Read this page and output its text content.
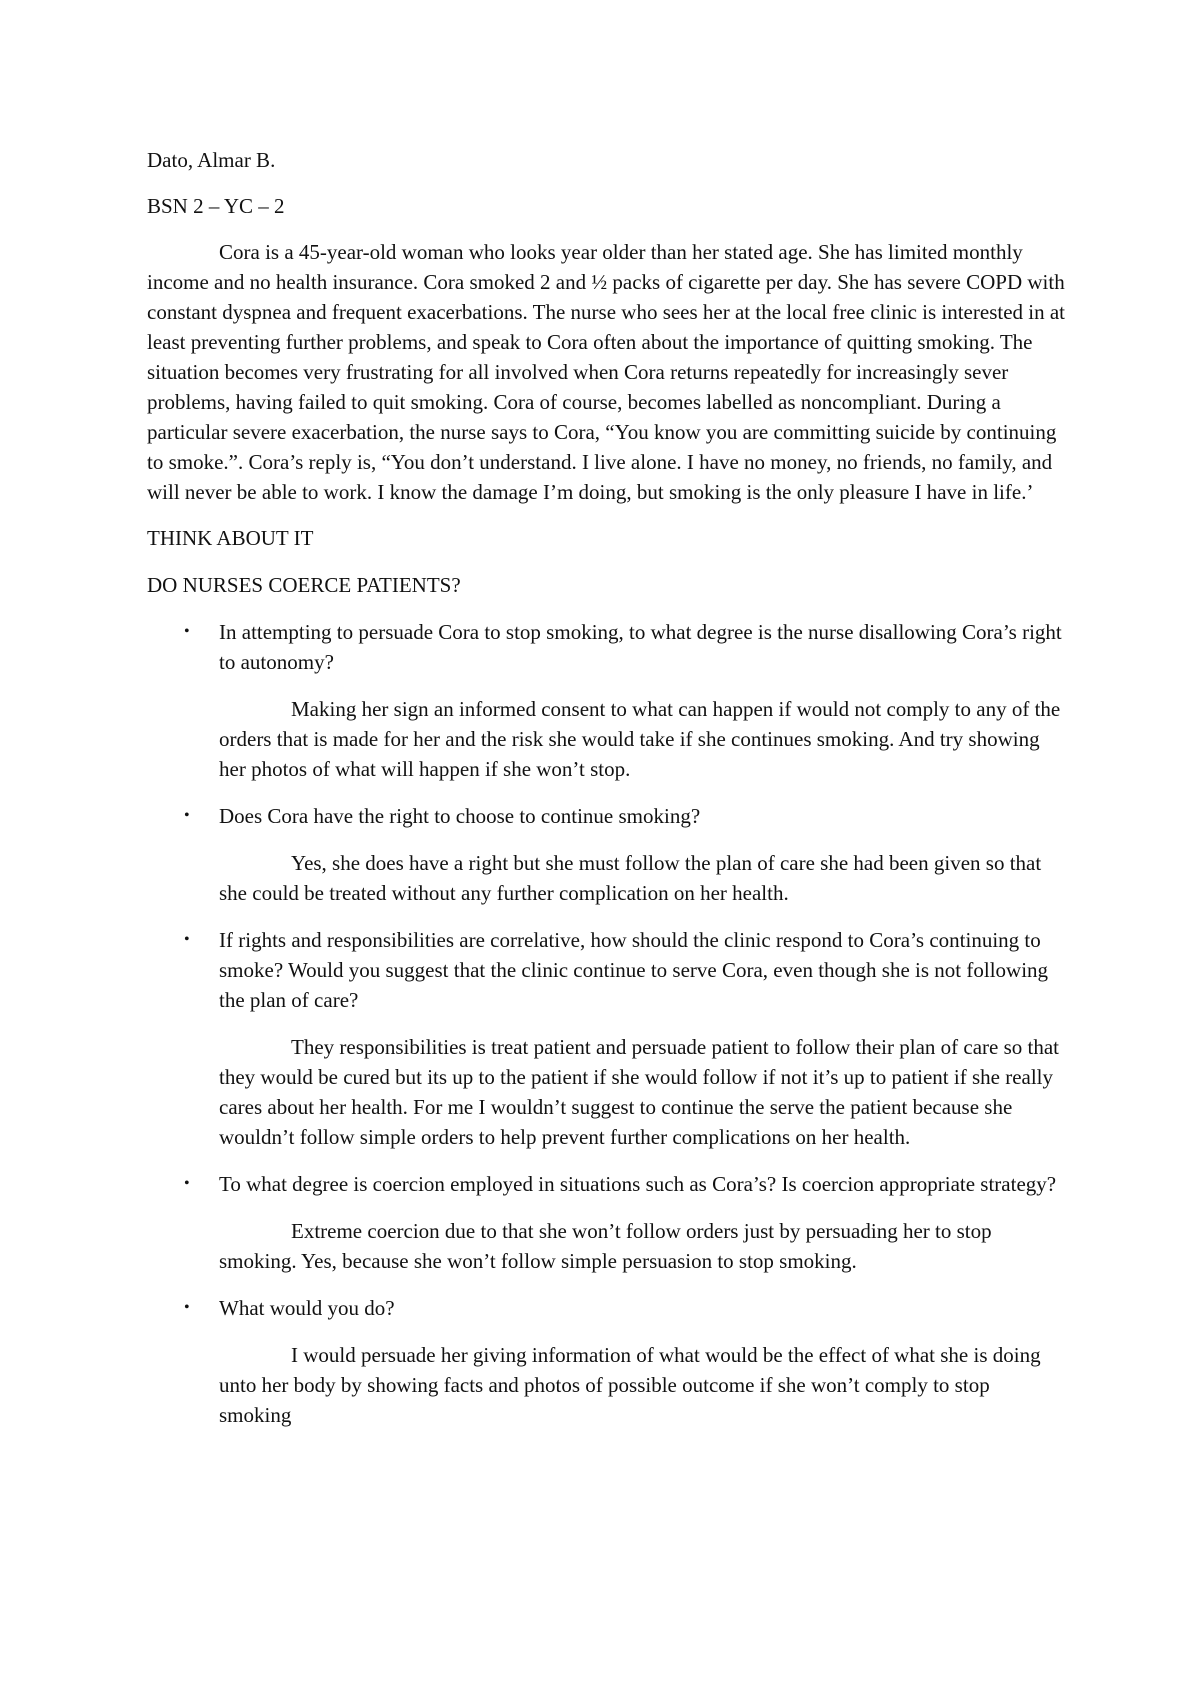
Dato, Almar B.

BSN 2 – YC – 2

Cora is a 45-year-old woman who looks year older than her stated age. She has limited monthly income and no health insurance. Cora smoked 2 and ½ packs of cigarette per day. She has severe COPD with constant dyspnea and frequent exacerbations. The nurse who sees her at the local free clinic is interested in at least preventing further problems, and speak to Cora often about the importance of quitting smoking. The situation becomes very frustrating for all involved when Cora returns repeatedly for increasingly sever problems, having failed to quit smoking. Cora of course, becomes labelled as noncompliant. During a particular severe exacerbation, the nurse says to Cora, “You know you are committing suicide by continuing to smoke.”. Cora’s reply is, “You don’t understand. I live alone. I have no money, no friends, no family, and will never be able to work. I know the damage I’m doing, but smoking is the only pleasure I have in life.’

THINK ABOUT IT

DO NURSES COERCE PATIENTS?

• In attempting to persuade Cora to stop smoking, to what degree is the nurse disallowing Cora’s right to autonomy?

Making her sign an informed consent to what can happen if would not comply to any of the orders that is made for her and the risk she would take if she continues smoking. And try showing her photos of what will happen if she won’t stop.

• Does Cora have the right to choose to continue smoking?

Yes, she does have a right but she must follow the plan of care she had been given so that she could be treated without any further complication on her health.

• If rights and responsibilities are correlative, how should the clinic respond to Cora’s continuing to smoke? Would you suggest that the clinic continue to serve Cora, even though she is not following the plan of care?

They responsibilities is treat patient and persuade patient to follow their plan of care so that they would be cured but its up to the patient if she would follow if not it’s up to patient if she really cares about her health. For me I wouldn’t suggest to continue the serve the patient because she wouldn’t follow simple orders to help prevent further complications on her health.

• To what degree is coercion employed in situations such as Cora’s? Is coercion appropriate strategy?

Extreme coercion due to that she won’t follow orders just by persuading her to stop smoking. Yes, because she won’t follow simple persuasion to stop smoking.

• What would you do?

I would persuade her giving information of what would be the effect of what she is doing unto her body by showing facts and photos of possible outcome if she won’t comply to stop smoking
